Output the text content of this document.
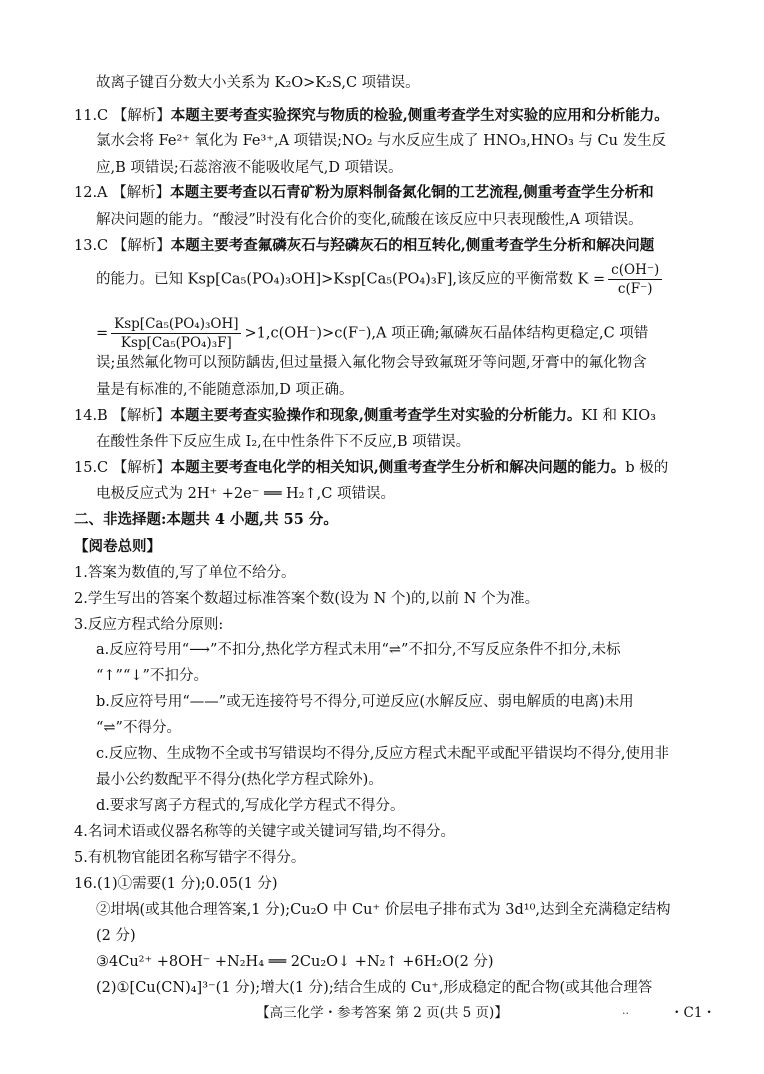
故离子键百分数大小关系为 K₂O>K₂S,C 项错误。
11.C 【解析】本题主要考查实验探究与物质的检验,侧重考查学生对实验的应用和分析能力。
氯水会将 Fe²⁺ 氧化为 Fe³⁺,A 项错误;NO₂ 与水反应生成了 HNO₃,HNO₃ 与 Cu 发生反
应,B 项错误;石蕊溶液不能吸收尾气,D 项错误。
12.A 【解析】本题主要考查以石青矿粉为原料制备氮化铜的工艺流程,侧重考查学生分析和
解决问题的能力。“酸浸”时没有化合价的变化,硫酸在该反应中只表现酸性,A 项错误。
13.C 【解析】本题主要考查氟磷灰石与羟磷灰石的相互转化,侧重考查学生分析和解决问题
的能力。已知 Ksp[Ca₅(PO₄)₃OH]>Ksp[Ca₅(PO₄)₃F],该反应的平衡常数 $K = \frac{c(OH^-)}{c(F^-)}$
= $\frac{\text{Ksp[Ca₅(PO₄)₃OH]}}{\text{Ksp[Ca₅(PO₄)₃F]}} >1,c(OH^-)>c(F^-),A$ 项正确;氟磷灰石晶体结构更稳定,C 项错
误;虽然氟化物可以预防龋齿,但过量摄入氟化物会导致氟斑牙等问题,牙膏中的氟化物含
量是有标准的,不能随意添加,D 项正确。
14.B 【解析】本题主要考查实验操作和现象,侧重考查学生对实验的分析能力。KI 和 KIO₃
在酸性条件下反应生成 I₂,在中性条件下不反应,B 项错误。
15.C 【解析】本题主要考查电化学的相关知识,侧重考查学生分析和解决问题的能力。b 极的
电极反应式为 2H⁺ +2e⁻ ══ H₂↑,C 项错误。
二、非选择题:本题共 4 小题,共 55 分。
【阅卷总则】
1.答案为数值的,写了单位不给分。
2.学生写出的答案个数超过标准答案个数(设为 N 个)的,以前 N 个为准。
3.反应方程式给分原则:
a.反应符号用“⟶”不扣分,热化学方程式未用“⇌”不扣分,不写反应条件不扣分,未标
“↑”“↓”不扣分。
b.反应符号用“——”或无连接符号不得分,可逆反应(水解反应、弱电解质的电离)未用
“⇌”不得分。
c.反应物、生成物不全或书写错误均不得分,反应方程式未配平或配平错误均不得分,使用非
最小公约数配平不得分(热化学方程式除外)。
d.要求写离子方程式的,写成化学方程式不得分。
4.名词术语或仪器名称等的关键字或关键词写错,均不得分。
5.有机物官能团名称写错字不得分。
16.(1)①需要(1 分);0.05(1 分)
②坩埚(或其他合理答案,1 分);Cu₂O 中 Cu⁺ 价层电子排布式为 3d¹⁰,达到全充满稳定结构
(2 分)
③4Cu²⁺ +8OH⁻ +N₂H₄ ══ 2Cu₂O↓ +N₂↑ +6H₂O(2 分)
(2)①[Cu(CN)₄]³⁻(1 分);增大(1 分);结合生成的 Cu⁺,形成稳定的配合物(或其他合理答
【高三化学・参考答案 第 2 页(共 5 页)】	..	・C1・
